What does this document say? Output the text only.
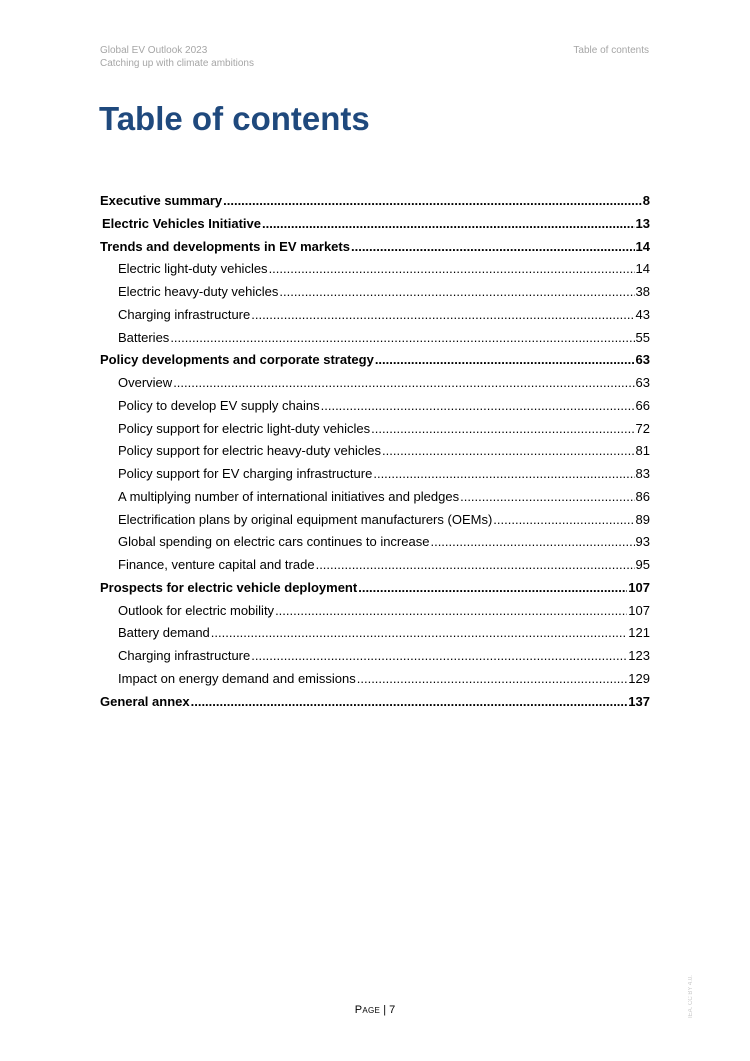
Global EV Outlook 2023
Catching up with climate ambitions
Table of contents
Table of contents
Executive summary .....	8
Electric Vehicles Initiative .....	13
Trends and developments in EV markets .....	14
Electric light-duty vehicles .....	14
Electric heavy-duty vehicles .....	38
Charging infrastructure .....	43
Batteries .....	55
Policy developments and corporate strategy .....	63
Overview .....	63
Policy to develop EV supply chains .....	66
Policy support for electric light-duty vehicles .....	72
Policy support for electric heavy-duty vehicles .....	81
Policy support for EV charging infrastructure .....	83
A multiplying number of international initiatives and pledges .....	86
Electrification plans by original equipment manufacturers (OEMs) .....	89
Global spending on electric cars continues to increase .....	93
Finance, venture capital and trade .....	95
Prospects for electric vehicle deployment .....	107
Outlook for electric mobility .....	107
Battery demand .....	121
Charging infrastructure .....	123
Impact on energy demand and emissions .....	129
General annex .....	137
Page | 7	IEA. CC BY 4.0.
